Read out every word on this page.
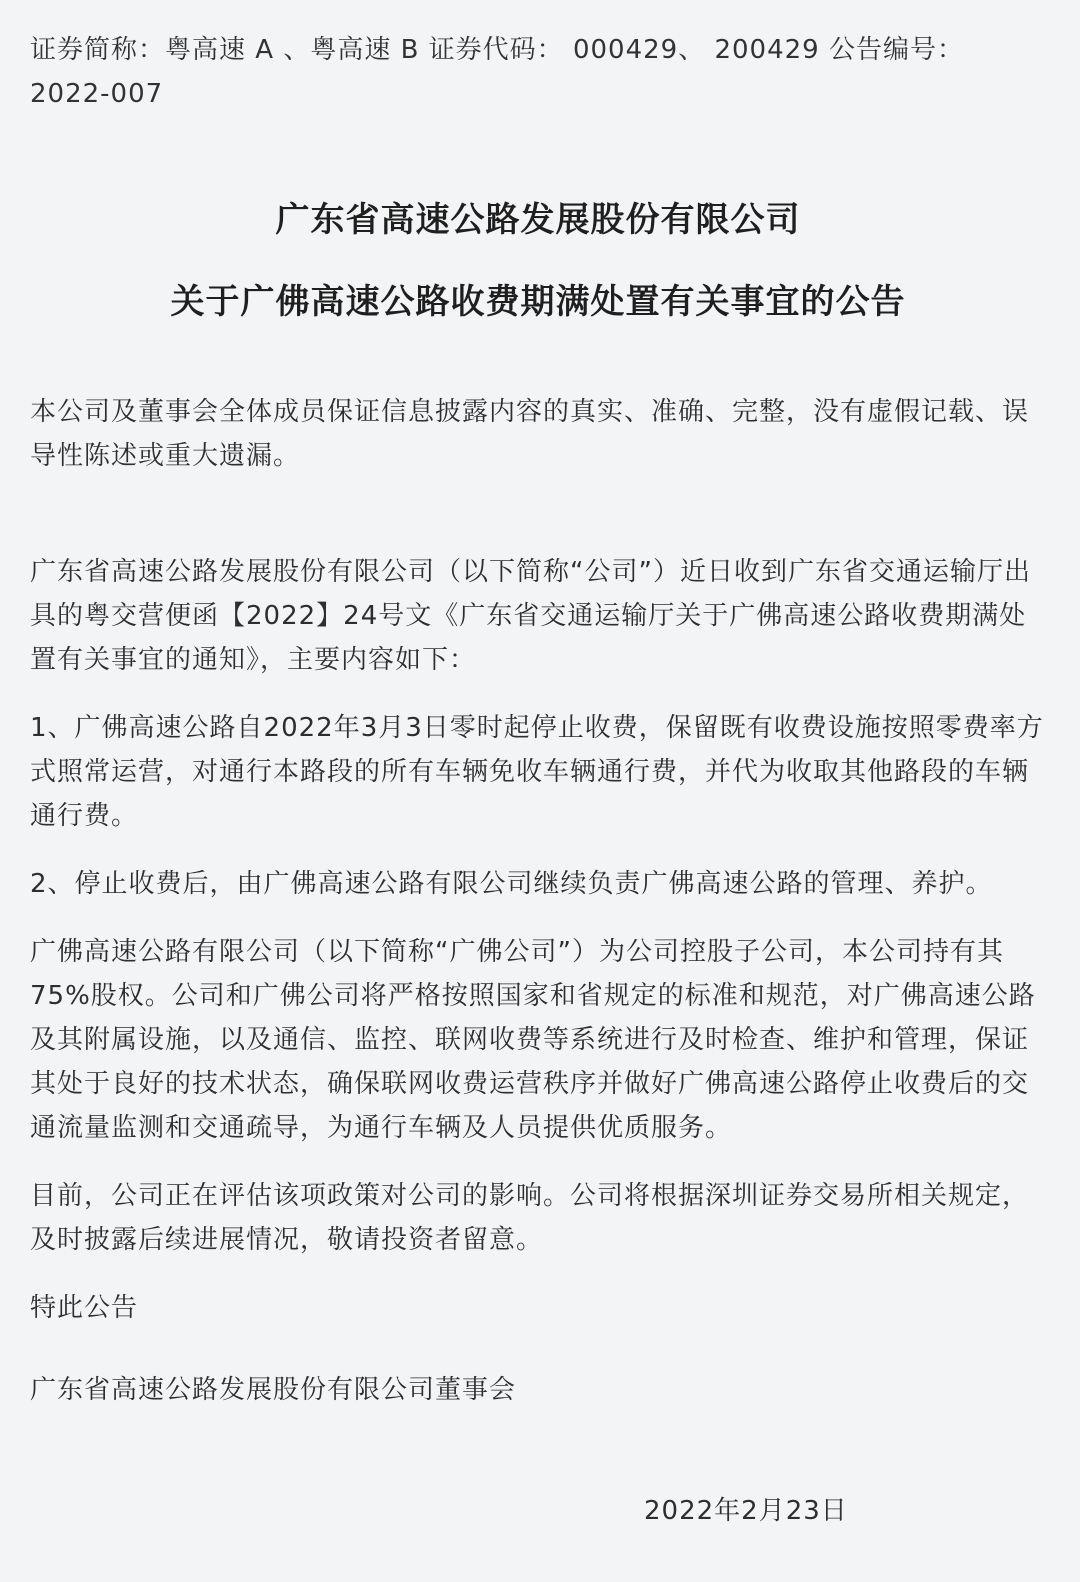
证券简称：粤高速 A 、粤高速 B 证券代码： 000429、 200429 公告编号：

2022-007

广东省高速公路发展股份有限公司
关于广佛高速公路收费期满处置有关事宜的公告

本公司及董事会全体成员保证信息披露内容的真实、准确、完整，没有虚假记载、误导性陈述或重大遗漏。

广东省高速公路发展股份有限公司（以下简称“公司”）近日收到广东省交通运输厅出具的粤交营便函【2022】24号文《广东省交通运输厅关于广佛高速公路收费期满处置有关事宜的通知》，主要内容如下：

1、广佛高速公路自2022年3月3日零时起停止收费，保留既有收费设施按照零费率方式照常运营，对通行本路段的所有车辆免收车辆通行费，并代为收取其他路段的车辆通行费。

2、停止收费后，由广佛高速公路有限公司继续负责广佛高速公路的管理、养护。

广佛高速公路有限公司（以下简称“广佛公司”）为公司控股子公司，本公司持有其75%股权。公司和广佛公司将严格按照国家和省规定的标准和规范，对广佛高速公路及其附属设施，以及通信、监控、联网收费等系统进行及时检查、维护和管理，保证其处于良好的技术状态，确保联网收费运营秩序并做好广佛高速公路停止收费后的交通流量监测和交通疏导，为通行车辆及人员提供优质服务。

目前，公司正在评估该项政策对公司的影响。公司将根据深圳证券交易所相关规定，及时披露后续进展情况，敬请投资者留意。

特此公告

广东省高速公路发展股份有限公司董事会

2022年2月23日
